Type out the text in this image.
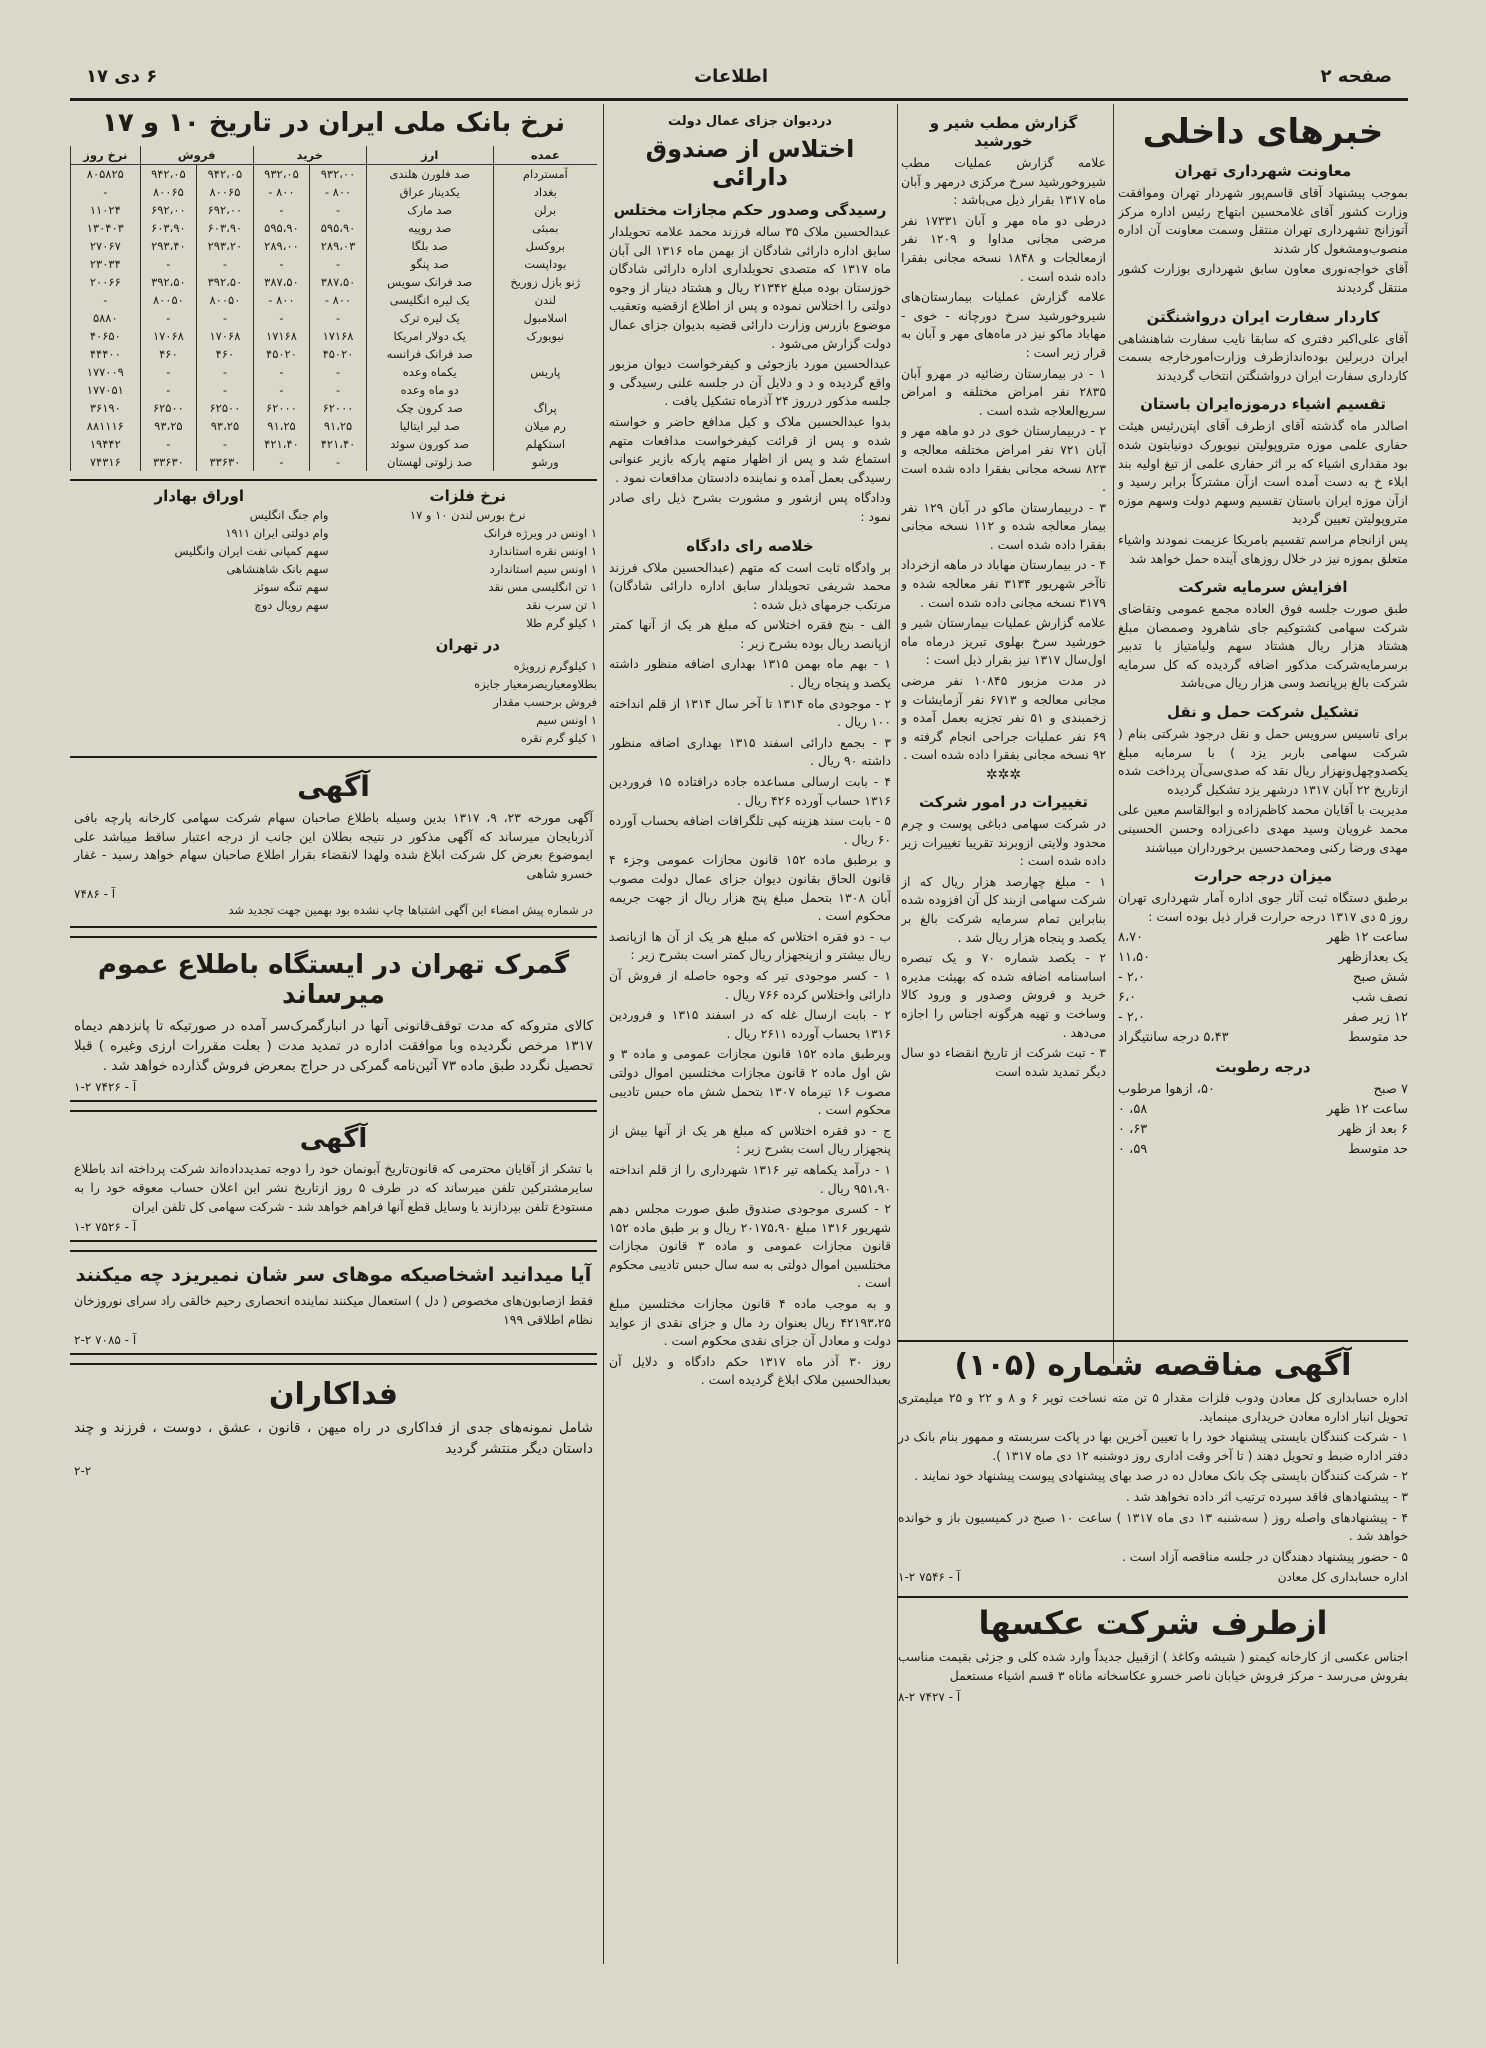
صفحه ۲
اطلاعات
۶ دی ۱۷
خبرهای داخلی
معاونت شهرداری تهران

بموجب پیشنهاد آقای قاسم‌پور شهردار تهران وموافقت وزارت کشور آقای غلامحسین ابتهاج رئیس اداره مرکز آتوزانج تشهرداری تهران منتقل وسمت معاونت آن اداره منصوب‌ومشغول کار شدند

آقای خواجه‌نوری معاون سابق شهرداری بوزارت کشور منتقل گردیدند

کاردار سفارت ایران درواشنگتن

آقای علی‌اکبر دفتری که سابقا نایب سفارت شاهنشاهی ایران دربرلین بوده‌اند‌ازطرف وزارت‌امورخارجه بسمت کارداری سفارت ایران درواشنگتن انتخاب گردیدند

تقسیم اشیاء درموزه‌ایران‌ باستان

اصالدر ماه گذشته آقای ازطرف آقای اپتن‌رئیس هیئت حفاری علمی موزه متروپولیتن نیویورک دونیابتون شده بود مقداری اشیاء که بر اثر حفاری علمی از تیغ اولیه بند ابلاء خ به دست آمده است ازآن مشترکاً برابر رسید و ازآن موزه ایران باستان تقسیم وسهم دولت وسهم موزه متروپولیتن تعیین گردید

پس ازانجام مراسم تقسیم بامریکا عزیمت نمودند واشیاء متعلق بموزه نیز در خلال روزهای آینده حمل خواهد شد

افزایش سرمایه شرکت

طبق صورت جلسه فوق العاده مجمع عمومی وتقاضای شرکت سهامی کشتوکیم جای شاهرود وصمصان مبلغ هشتاد هزار ریال هشتاد سهم ولیامتیاز با تدبیر برسرمایه‌شرکت مذکور اضافه گردیده که کل سرمایه شرکت بالغ برپانصد وسی هزار ریال می‌باشد

تشکیل شرکت حمل و نقل

برای تاسیس سرویس حمل و نقل درجود شرکتی بنام ( شرکت سهامی باربر یزد ) با سرمایه مبلغ یکصدوچهل‌ونهزار ریال نقد که صدی‌سی‌آن پرداخت شده ازتاریخ ۲۲ آبان ۱۳۱۷ درشهر یزد تشکیل گردیده

مدیریت با آقایان محمد کاظم‌زاده و ابوالقاسم معین علی محمد غرویان وسید مهدی داعی‌زاده وحسن الحسینی مهدی ورضا رکنی ومحمدحسین برخورداران میباشند

میزان درجه حرارت

برطبق دستگاه ثبت آثار جوی اداره آمار شهرداری تهران روز ۵ دی ۱۳۱۷ درجه حرارت قرار ذیل بوده است :

ساعت ۱۲ ظهر
۸،۷۰
یک بعدازظهر
۱۱،۵۰
شش صبح
۲،۰ -
نصف شب
۶،۰
۱۲ زیر صفر
۲،۰ -
حد متوسط
۵،۴۳ درجه سانتیگراد
درجه رطوبت
۷ صبح
۵۰، ازهوا مرطوب
ساعت ۱۲ ظهر
۵۸، ۰
۶ بعد از ظهر
۶۳، ۰
حد متوسط
۵۹، ۰
گزارش مطب شیر و خورشید

علامه گزارش عملیات مطب شیروخورشید سرخ مرکزی درمهر و آبان ماه ۱۳۱۷ بقرار ذیل می‌باشد :

درطی دو ماه مهر و آبان ۱۷۳۳۱ نفر مرضی مجانی مداوا و ۱۲۰۹ نفر ازمعالجات و ۱۸۴۸ نسخه مجانی بفقرا داده شده است .

علامه گزارش عملیات بیمارستان‌های شیروخورشید سرخ دورچانه - خوی - مهاباد ماکو نیز در ماه‌های مهر و آبان به قرار زیر است :

۱ - در بیمارستان رضائیه در مهرو آبان ۲۸۳۵ نفر امراض مختلفه و امراض سریع‌العلاجه شده است .

۲ - دربیمارستان خوی در دو ماهه مهر و آبان ۷۲۱ نفر امراض مختلفه معالجه و ۸۲۳ نسخه مجانی بفقرا داده شده است .

۳ - دربیمارستان ماکو در آبان ۱۲۹ نفر بیمار معالجه شده و ۱۱۲ نسخه مجانی بفقرا داده شده است .

۴ - در بیمارستان مهاباد در ماهه ازخرداد تاآخر شهریور ۳۱۳۴ نفر معالجه شده و ۳۱۷۹ نسخه مجانی داده شده است .

علامه گزارش عملیات بیمارستان شیر و خورشید سرخ بهلوی تبریز درماه ماه اول‌سال ۱۳۱۷ نیز بقرار ذیل است :

در مدت مزبور ۱۰۸۴۵ نفر مرضی مجانی معالجه و ۶۷۱۳ نفر آزمایشات و زخمبندی و ۵۱ نفر تجزیه بعمل آمده و ۶۹ نفر عملیات جراحی انجام گرفته و ۹۲ نسخه مجانی بفقرا داده شده است .

✲✲✲
تغییرات در امور شرکت

در شرکت سهامی دباغی پوست و چرم محدود ولایتی ازوبرند تقریبا تغییرات زیر داده شده است :

۱ - مبلغ چهارصد هزار ریال که از شرکت سهامی ازبند کل آن افزوده شده بنابراین تمام سرمایه شرکت بالغ بر یکصد و پنجاه هزار ریال شد .

۲ - یکصد شماره ۷۰ و یک تبصره اساسنامه اضافه شده که بهیئت مدیره خرید و فروش وصدور و ورود کالا وساخت و تهیه هرگونه اجناس را اجازه می‌دهد .

۳ - تبت شرکت از تاریخ انقضاء دو سال دیگر تمدید شده است

آگهی مناقصه شماره (۱۰۵)

اداره حسابداری کل معادن ودوب فلزات مقدار ۵ تن مته نساخت توپر ۶ و ۸ و ۲۲ و ۲۵ میلیمتری تحویل انبار اداره معادن خریداری مینماید.

۱ - شرکت کنندگان بایستی پیشنهاد خود را با تعیین آخرین بها در پاکت سربسته و ممهور بنام بانک در دفتر اداره ضبط و تحویل دهند ( تا آخر وقت اداری روز دوشنبه ۱۲ دی ماه ۱۳۱۷ ).

۲ - شرکت کنندگان بایستی چک بانک معادل ده در صد بهای پیشنهادی پیوست پیشنهاد خود نمایند .

۳ - پیشنهادهای فاقد سپرده ترتیب اثر داده نخواهد شد .

۴ - پیشنهادهای واصله روز ( سه‌شنبه ۱۳ دی ماه ۱۳۱۷ ) ساعت ۱۰ صبح در کمیسیون باز و خوانده خواهد شد .

۵ - حضور پیشنهاد دهندگان در جلسه مناقصه آزاد است .

اداره حسابداری کل معادن
آ - ۷۵۴۶ ۲-۱
ازطرف شرکت عکسها

اجناس عکسی از کارخانه کیمنو ( شیشه وکاغذ ) ازقبیل جدیداً وارد شده کلی و جزئی بقیمت مناسب بفروش می‌رسد - مرکز فروش خیابان ناصر خسرو عکاسخانه ماناه ۳ قسم اشیاء مستعمل

آ - ۷۴۲۷ ۲-۸
دردیوان جزای عمال دولت
اختلاس از صندوق دارائی
رسیدگی وصدور حکم مجازات مختلس

عبدالحسین ملاک ۳۵ ساله فرزند محمد علامه تحویلدار سابق اداره دارائی شادگان از بهمن ماه ۱۳۱۶ الی آبان ماه ۱۳۱۷ که متصدی تحویلداری اداره دارائی شادگان خوزستان بوده مبلغ ۲۱۳۴۲ ریال و هشتاد دینار از وجوه دولتی را اختلاس نموده و پس از اطلاع ازقضیه وتعقیب موضوع بازرس وزارت دارائی قضیه بدیوان جزای عمال دولت گزارش می‌شود .

عبدالحسین مورد بازجوئی و کیفرخواست دیوان مزبور واقع گردیده و د و دلایل آن در جلسه علنی رسیدگی و جلسه مذکور درروز ۲۴ آذرماه تشکیل یافت .

بدوا عبدالحسین ملاک و کیل مدافع حاضر و خواسته شده و پس از قرائت کیفرخواست مدافعات متهم استماع شد و پس از اظهار متهم پارکه بازیر عنوانی رسیدگی بعمل آمده و نماینده دادستان مدافعات نمود .

ودادگاه پس ازشور و مشورت بشرح ذیل رای صادر نمود :

خلاصه رای دادگاه

بر وادگاه ثابت است که متهم (عبدالحسین ملاک فرزند محمد شریفی تحویلدار سابق اداره دارائی شادگان) مرتکب جرمهای ذیل شده :

الف - بنج فقره اختلاس که مبلغ هر یک از آنها کمتر ازپانصد ریال بوده بشرح زیر :

۱ - بهم ماه بهمن ۱۳۱۵ بهداری اضافه منظور داشته یکصد و پنجاه ریال .

۲ - موجودی ماه ۱۳۱۴ تا آخر سال ۱۳۱۴ از قلم انداخته ۱۰۰ ریال .

۳ - بجمع دارائی اسفند ۱۳۱۵ بهداری اضافه منظور داشته ۹۰ ریال .

۴ - بابت ارسالی مساعده جاده درافتاده ۱۵ فروردین ۱۳۱۶ حساب آورده ۴۲۶ ریال .

۵ - بابت سند هزینه کپی تلگرافات اضافه بحساب آورده ۶۰ ریال .

و برطبق ماده ۱۵۲ قانون مجازات عمومی وجزء ۴ قانون الحاق بقانون دیوان جزای عمال دولت مصوب آبان ۱۳۰۸ بتحمل مبلغ پنج هزار ریال از جهت جریمه محکوم است .

ب - دو فقره اختلاس که مبلغ هر یک از آن ها ازپانصد ریال بیشتر و ازپنجهزار ریال کمتر است بشرح زیر :

۱ - کسر موجودی تیر که وجوه حاصله از فروش آن دارائی واختلاس کرده ۷۶۶ ریال .

۲ - بابت ارسال غله که در اسفند ۱۳۱۵ و فروردین ۱۳۱۶ بحساب آورده ۲۶۱۱ ریال .

وبرطبق ماده ۱۵۲ قانون مجازات عمومی و ماده ۳ و ش اول ماده ۲ قانون مجازات مختلسین اموال دولتی مصوب ۱۶ تیرماه ۱۳۰۷ بتحمل شش ماه حبس تادیبی محکوم است .

ج - دو فقره اختلاس که مبلغ هر یک از آنها بیش از پنجهزار ریال است بشرح زیر :

۱ - درآمد یکماهه تیر ۱۳۱۶ شهرداری را از قلم انداخته ۹۵۱،۹۰ ریال .

۲ - کسری موجودی صندوق طبق صورت مجلس دهم شهریور ۱۳۱۶ مبلغ ۲۰۱۷۵،۹۰ ریال و بر طبق ماده ۱۵۲ قانون مجازات عمومی و ماده ۳ قانون مجازات مختلسین اموال دولتی به سه سال حبس تادیبی محکوم است .

و به موجب ماده ۴ قانون مجازات مختلسین مبلغ ۴۲۱۹۳،۲۵ ریال بعنوان رد مال و جزای نقدی از عواید دولت و معادل آن جزای نقدی محکوم است .

روز ۳۰ آذر ماه ۱۳۱۷ حکم دادگاه و دلایل آن بعبدالحسین ملاک ابلاغ گردیده است .

نرخ بانک ملی ایران در تاریخ ۱۰ و ۱۷
عمده	ارز	خرید		فروش		نرخ روز
آمستردام	صد فلورن هلندی	۹۳۲،۰۰	۹۳۲،۰۵	۹۴۲،۰۵	۹۴۲،۰۵	۸۰۵۸۲۵
بغداد	یکدینار عراق	۸۰۰ -	۸۰۰ -	۸۰۰۶۵	۸۰۰۶۵	-
برلن	صد مارک	-	-	۶۹۲،۰۰	۶۹۲،۰۰	۱۱۰۲۴
بمبئی	صد روپیه	۵۹۵،۹۰	۵۹۵،۹۰	۶۰۳،۹۰	۶۰۳،۹۰	۱۳۰۴۰۳
بروکسل	صد بلگا	۲۸۹،۰۳	۲۸۹،۰۰	۲۹۳،۲۰	۲۹۳،۴۰	۲۷۰۶۷
بوداپست	صد پنگو	-	-	-	-	۲۳۰۳۴
ژنو بازل زوریخ	صد فرانک سویس	۳۸۷،۵۰	۳۸۷،۵۰	۳۹۲،۵۰	۳۹۲،۵۰	۲۰۰۶۶
لندن	یک لیره انگلیسی	۸۰۰ -	۸۰۰ -	۸۰۰۵۰	۸۰۰۵۰	-
اسلامبول	یک لیره ترک	-	-	-	-	۵۸۸۰
نیویورک	یک دولار امریکا	۱۷۱۶۸	۱۷۱۶۸	۱۷۰۶۸	۱۷۰۶۸	۴۰۶۵۰
	صد فرانک فرانسه	۴۵۰۲۰	۴۵۰۲۰	۴۶۰	۴۶۰	۴۴۴۰۰
پاریس	یکماه وعده	-	-	-	-	۱۷۷۰۰۹
	دو ماه وعده	-	-	-	-	۱۷۷۰۵۱
پراگ	صد کرون چک	۶۲۰۰۰	۶۲۰۰۰	۶۲۵۰۰	۶۲۵۰۰	۳۶۱۹۰
رم میلان	صد لیر ایتالیا	۹۱،۲۵	۹۱،۲۵	۹۳،۲۵	۹۳،۲۵	۸۸۱۱۱۶
استکهلم	صد کورون سوئد	۴۲۱،۴۰	۴۲۱،۴۰	-	-	۱۹۴۴۲
ورشو	صد زلوتی لهستان	-	-	۳۳۶۳۰	۳۳۶۳۰	۷۴۳۱۶
نرخ فلزات
نرخ بورس لندن ۱۰ و ۱۷

۱ اونس در ویرژه فرانک

۱ اونس نقره استاندارد

۱ اونس سیم استاندارد

۱ تن انگلیسی مس نقد

۱ تن سرب نقد

۱ کیلو گرم طلا

در تهران

۱ کیلوگرم زرویژه

بطلاومعیاریصرمعیار جایزه

فروش برحسب مقدار

۱ اونس سیم

۱ کیلو گرم نقره

اوراق بهادار

وام جنگ انگلیس

وام دولتی ایران ۱۹۱۱

سهم کمپانی نفت ایران وانگلیس

سهم بانک شاهنشاهی

سهم تنگه سوئز

سهم رویال دوچ

آگهی

آگهی مورخه ۲۳، ۹، ۱۳۱۷ بدین وسیله باطلاع صاحبان سهام شرکت سهامی کارخانه پارچه بافی آذربایجان میرساند که آگهی مذکور در نتیجه بطلان این جانب از درجه اعتبار ساقط میباشد علی ایموضوع بعرض کل شرکت ابلاغ شده ولهدا لانقضاء بقرار اطلاع صاحبان سهام خواهد رسید - غفار خسرو شاهی

آ - ۷۴۸۶

در شماره پیش امضاء این آگهی اشتباها چاپ نشده بود بهمین جهت تجدید شد

گمرک تهران در ایستگاه باطلاع عموم میرساند

کالای متروکه که مدت توقف‌قانونی آنها در انبارگمرک‌سر آمده در صورتیکه تا پانزدهم دیماه ۱۳۱۷ مرخص نگردیده وبا موافقت اداره در تمدید مدت ( بعلت مقررات ارزی وغیره ) قبلا تحصیل نگردد طبق ماده ۷۳ آئین‌نامه گمرکی در حراج بمعرض فروش گذارده خواهد شد .

آ - ۷۴۲۶ ۲-۱
آگهی

با تشکر از آقایان محترمی که قانون‌تاریخ آبونمان خود را دوجه تمدید‌داده‌اند شرکت پرداخته اند باطلاع سایرمشترکین تلفن میرساند که در طرف ۵ روز ازتاریخ نشر این اعلان حساب معوقه خود را به مستودع تلفن بپردازند یا وسایل قطع آنها فراهم خواهد شد - شرکت سهامی کل تلفن ایران

آ - ۷۵۲۶ ۲-۱
آیا میدانید اشخاصیکه موهای سر شان نمیریزد چه میکنند

فقط ازصابون‌های مخصوص ( دل ) استعمال میکنند نماینده انحصاری رحیم خالقی راد سرای نوروزخان نظام اطلاقی ۱۹۹

آ - ۷۰۸۵ ۲-۲
فداکاران

شامل نمونه‌های جدی از فداکاری در راه میهن ، قانون ، عشق ، دوست ، فرزند و چند داستان دیگر منتشر گردید

۲-۲
